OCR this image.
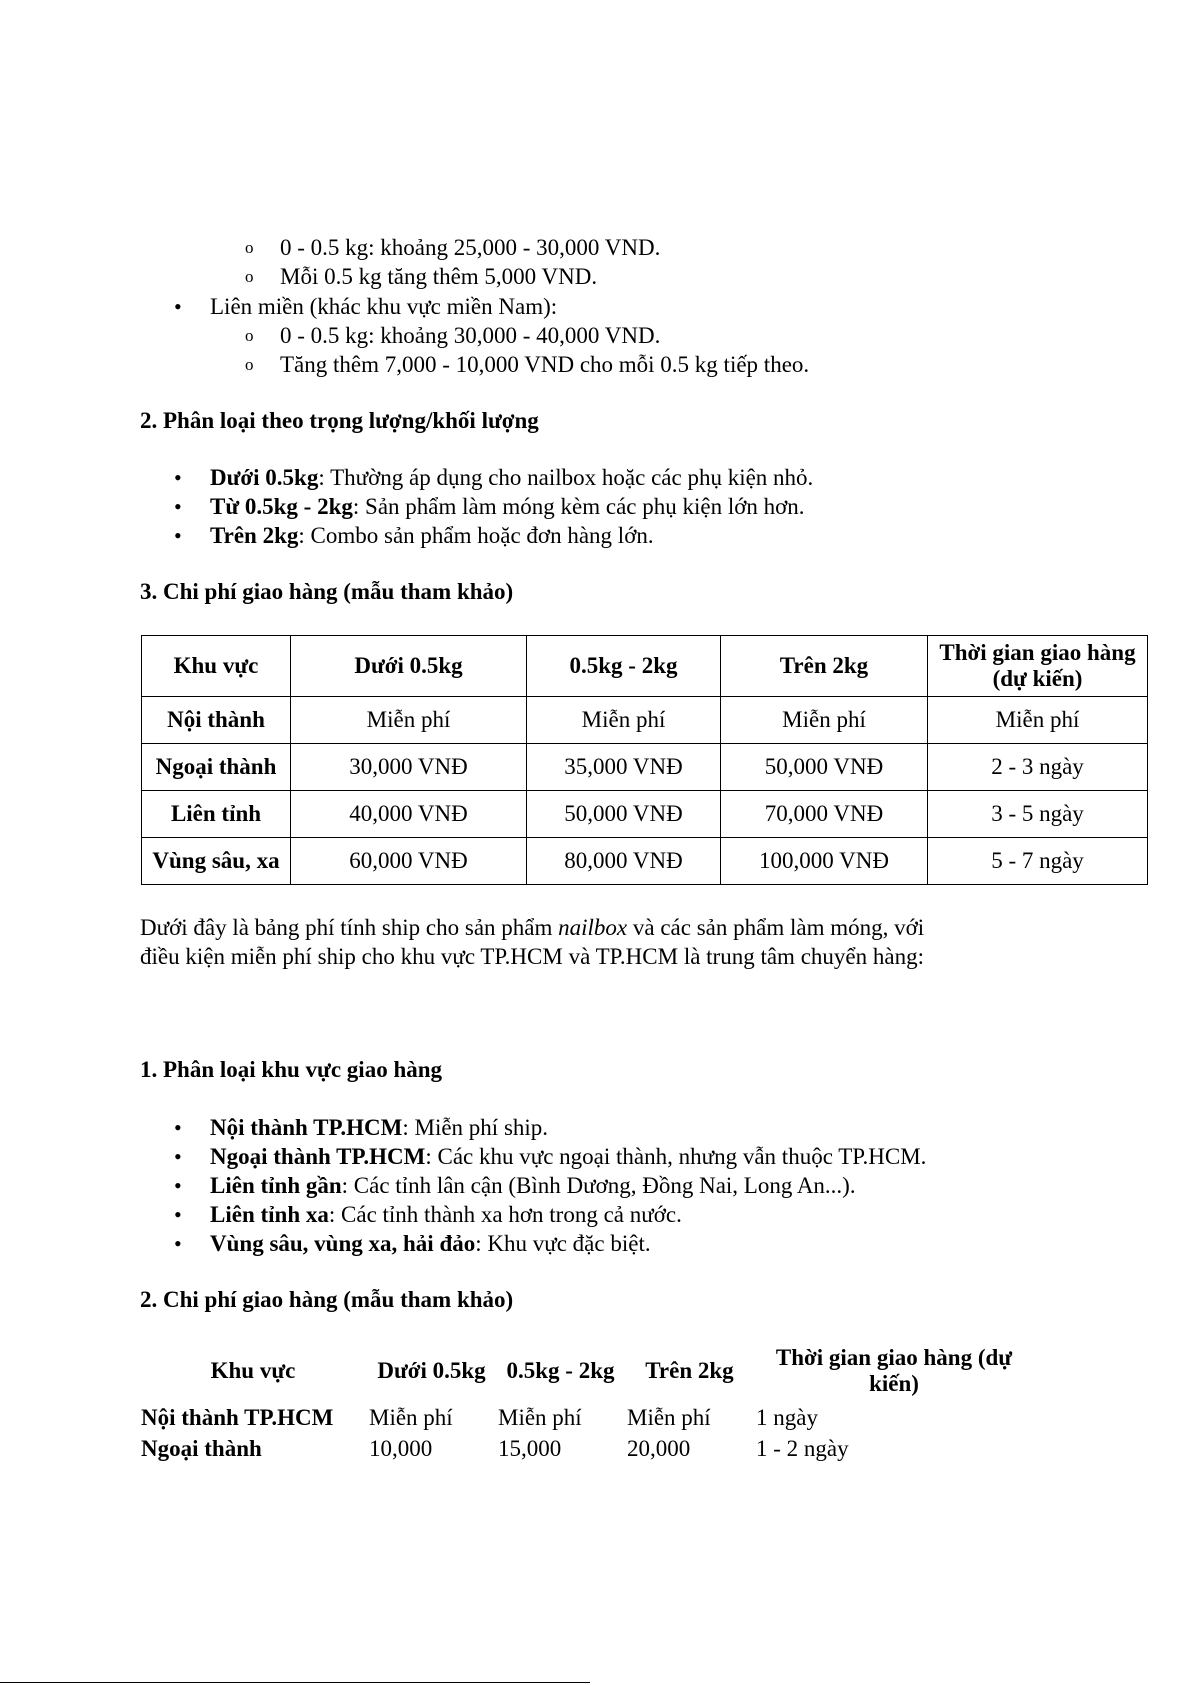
o 0 - 0.5 kg: khoảng 25,000 - 30,000 VND.
o Mỗi 0.5 kg tăng thêm 5,000 VND.
• Liên miền (khác khu vực miền Nam):
o 0 - 0.5 kg: khoảng 30,000 - 40,000 VND.
o Tăng thêm 7,000 - 10,000 VND cho mỗi 0.5 kg tiếp theo.
2. Phân loại theo trọng lượng/khối lượng
• Dưới 0.5kg: Thường áp dụng cho nailbox hoặc các phụ kiện nhỏ.
• Từ 0.5kg - 2kg: Sản phẩm làm móng kèm các phụ kiện lớn hơn.
• Trên 2kg: Combo sản phẩm hoặc đơn hàng lớn.
3. Chi phí giao hàng (mẫu tham khảo)
Khu vực	Dưới 0.5kg	0.5kg - 2kg	Trên 2kg	Thời gian giao hàng (dự kiến)
Nội thành	Miễn phí	Miễn phí	Miễn phí	Miễn phí
Ngoại thành	30,000 VNĐ	35,000 VNĐ	50,000 VNĐ	2 - 3 ngày
Liên tỉnh	40,000 VNĐ	50,000 VNĐ	70,000 VNĐ	3 - 5 ngày
Vùng sâu, xa	60,000 VNĐ	80,000 VNĐ	100,000 VNĐ	5 - 7 ngày
Dưới đây là bảng phí tính ship cho sản phẩm nailbox và các sản phẩm làm móng, với
điều kiện miễn phí ship cho khu vực TP.HCM và TP.HCM là trung tâm chuyển hàng:
1. Phân loại khu vực giao hàng
• Nội thành TP.HCM: Miễn phí ship.
• Ngoại thành TP.HCM: Các khu vực ngoại thành, nhưng vẫn thuộc TP.HCM.
• Liên tỉnh gần: Các tỉnh lân cận (Bình Dương, Đồng Nai, Long An...).
• Liên tỉnh xa: Các tỉnh thành xa hơn trong cả nước.
• Vùng sâu, vùng xa, hải đảo: Khu vực đặc biệt.
2. Chi phí giao hàng (mẫu tham khảo)
Khu vực	Dưới 0.5kg	0.5kg - 2kg	Trên 2kg	Thời gian giao hàng (dự kiến)
Nội thành TP.HCM	Miễn phí	Miễn phí	Miễn phí	1 ngày
Ngoại thành	10,000	15,000	20,000	1 - 2 ngày
